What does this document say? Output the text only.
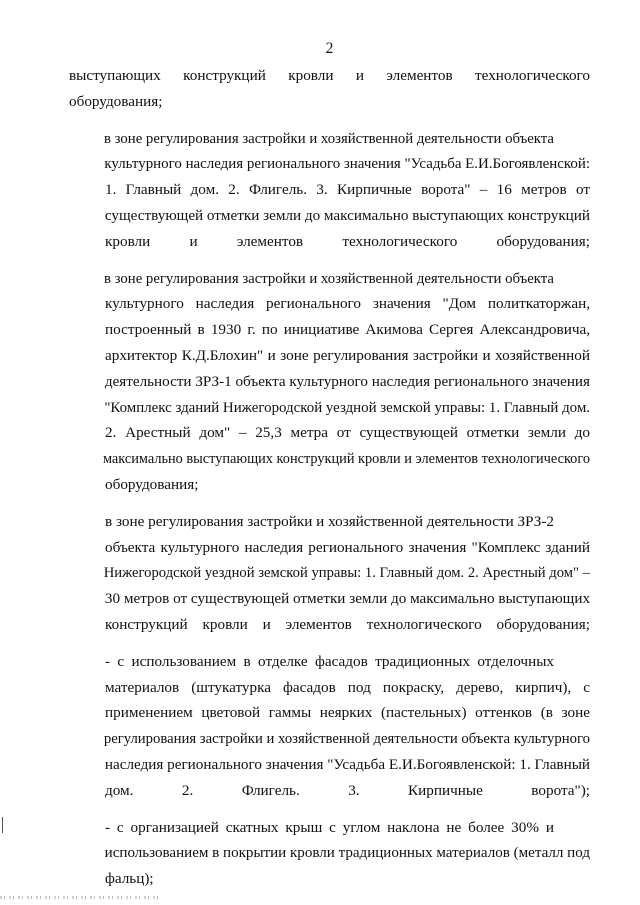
2

выступающих конструкций кровли и элементов технологического
оборудования;

в зоне регулирования застройки и хозяйственной деятельности объекта
культурного наследия регионального значения "Усадьба Е.И.Богоявленской:
1. Главный дом. 2. Флигель. 3. Кирпичные ворота" – 16 метров от
существующей отметки земли до максимально выступающих конструкций
кровли и элементов технологического оборудования;

в зоне регулирования застройки и хозяйственной деятельности объекта
культурного наследия регионального значения "Дом политкаторжан,
построенный в 1930 г. по инициативе Акимова Сергея Александровича,
архитектор К.Д.Блохин" и зоне регулирования застройки и хозяйственной
деятельности ЗРЗ-1 объекта культурного наследия регионального значения
"Комплекс зданий Нижегородской уездной земской управы: 1. Главный дом.
2. Арестный дом" – 25,3 метра от существующей отметки земли до
максимально выступающих конструкций кровли и элементов технологического
оборудования;

в зоне регулирования застройки и хозяйственной деятельности ЗРЗ-2
объекта культурного наследия регионального значения "Комплекс зданий
Нижегородской уездной земской управы: 1. Главный дом. 2. Арестный дом" –
30 метров от существующей отметки земли до максимально выступающих
конструкций кровли и элементов технологического оборудования;

- с использованием в отделке фасадов традиционных отделочных
материалов (штукатурка фасадов под покраску, дерево, кирпич), с
применением цветовой гаммы неярких (пастельных) оттенков (в зоне
регулирования застройки и хозяйственной деятельности объекта культурного
наследия регионального значения "Усадьба Е.И.Богоявленской: 1. Главный
дом. 2. Флигель. 3. Кирпичные ворота");

- с организацией скатных крыш с углом наклона не более 30% и
использованием в покрытии кровли традиционных материалов (металл под
фальц);
